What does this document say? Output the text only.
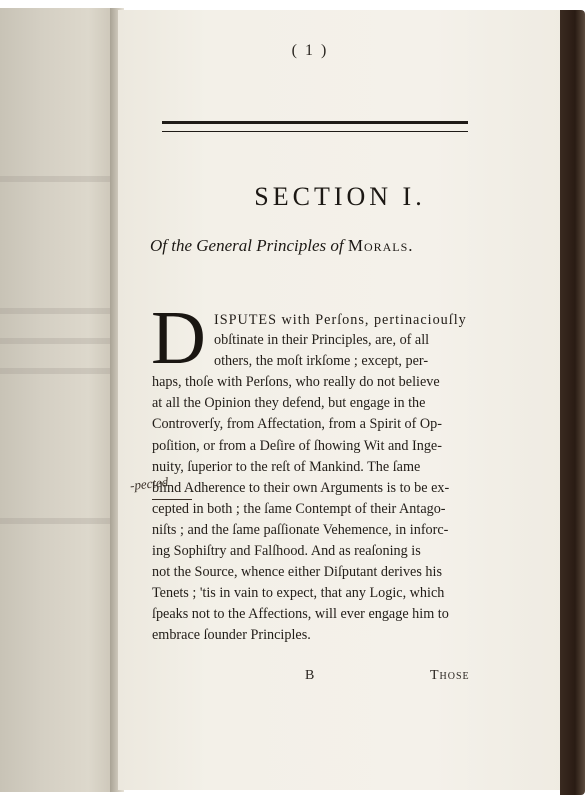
( 1 )
SECTION I.
Of the General Principles of Morals.
D ISPUTES with Perſons, pertinaciouſly
obſtinate in their Principles, are, of all
others, the moſt irkſome ; except, per-
haps, thoſe with Perſons, who really do not believe
at all the Opinion they defend, but engage in the
Controverſy, from Affectation, from a Spirit of Op-
poſition, or from a Deſire of ſhowing Wit and Inge-
nuity, ſuperior to the reſt of Mankind. The ſame
blind Adherence to their own Arguments is to be ex-
cepted in both ; the ſame Contempt of their Antago-
niſts ; and the ſame paſſionate Vehemence, in inforc-
ing Sophiſtry and Falſhood. And as reaſoning is
not the Source, whence either Diſputant derives his
Tenets ; 'tis in vain to expect, that any Logic, which
ſpeaks not to the Affections, will ever engage him to
embrace ſounder Principles.
-pected
B	Those
